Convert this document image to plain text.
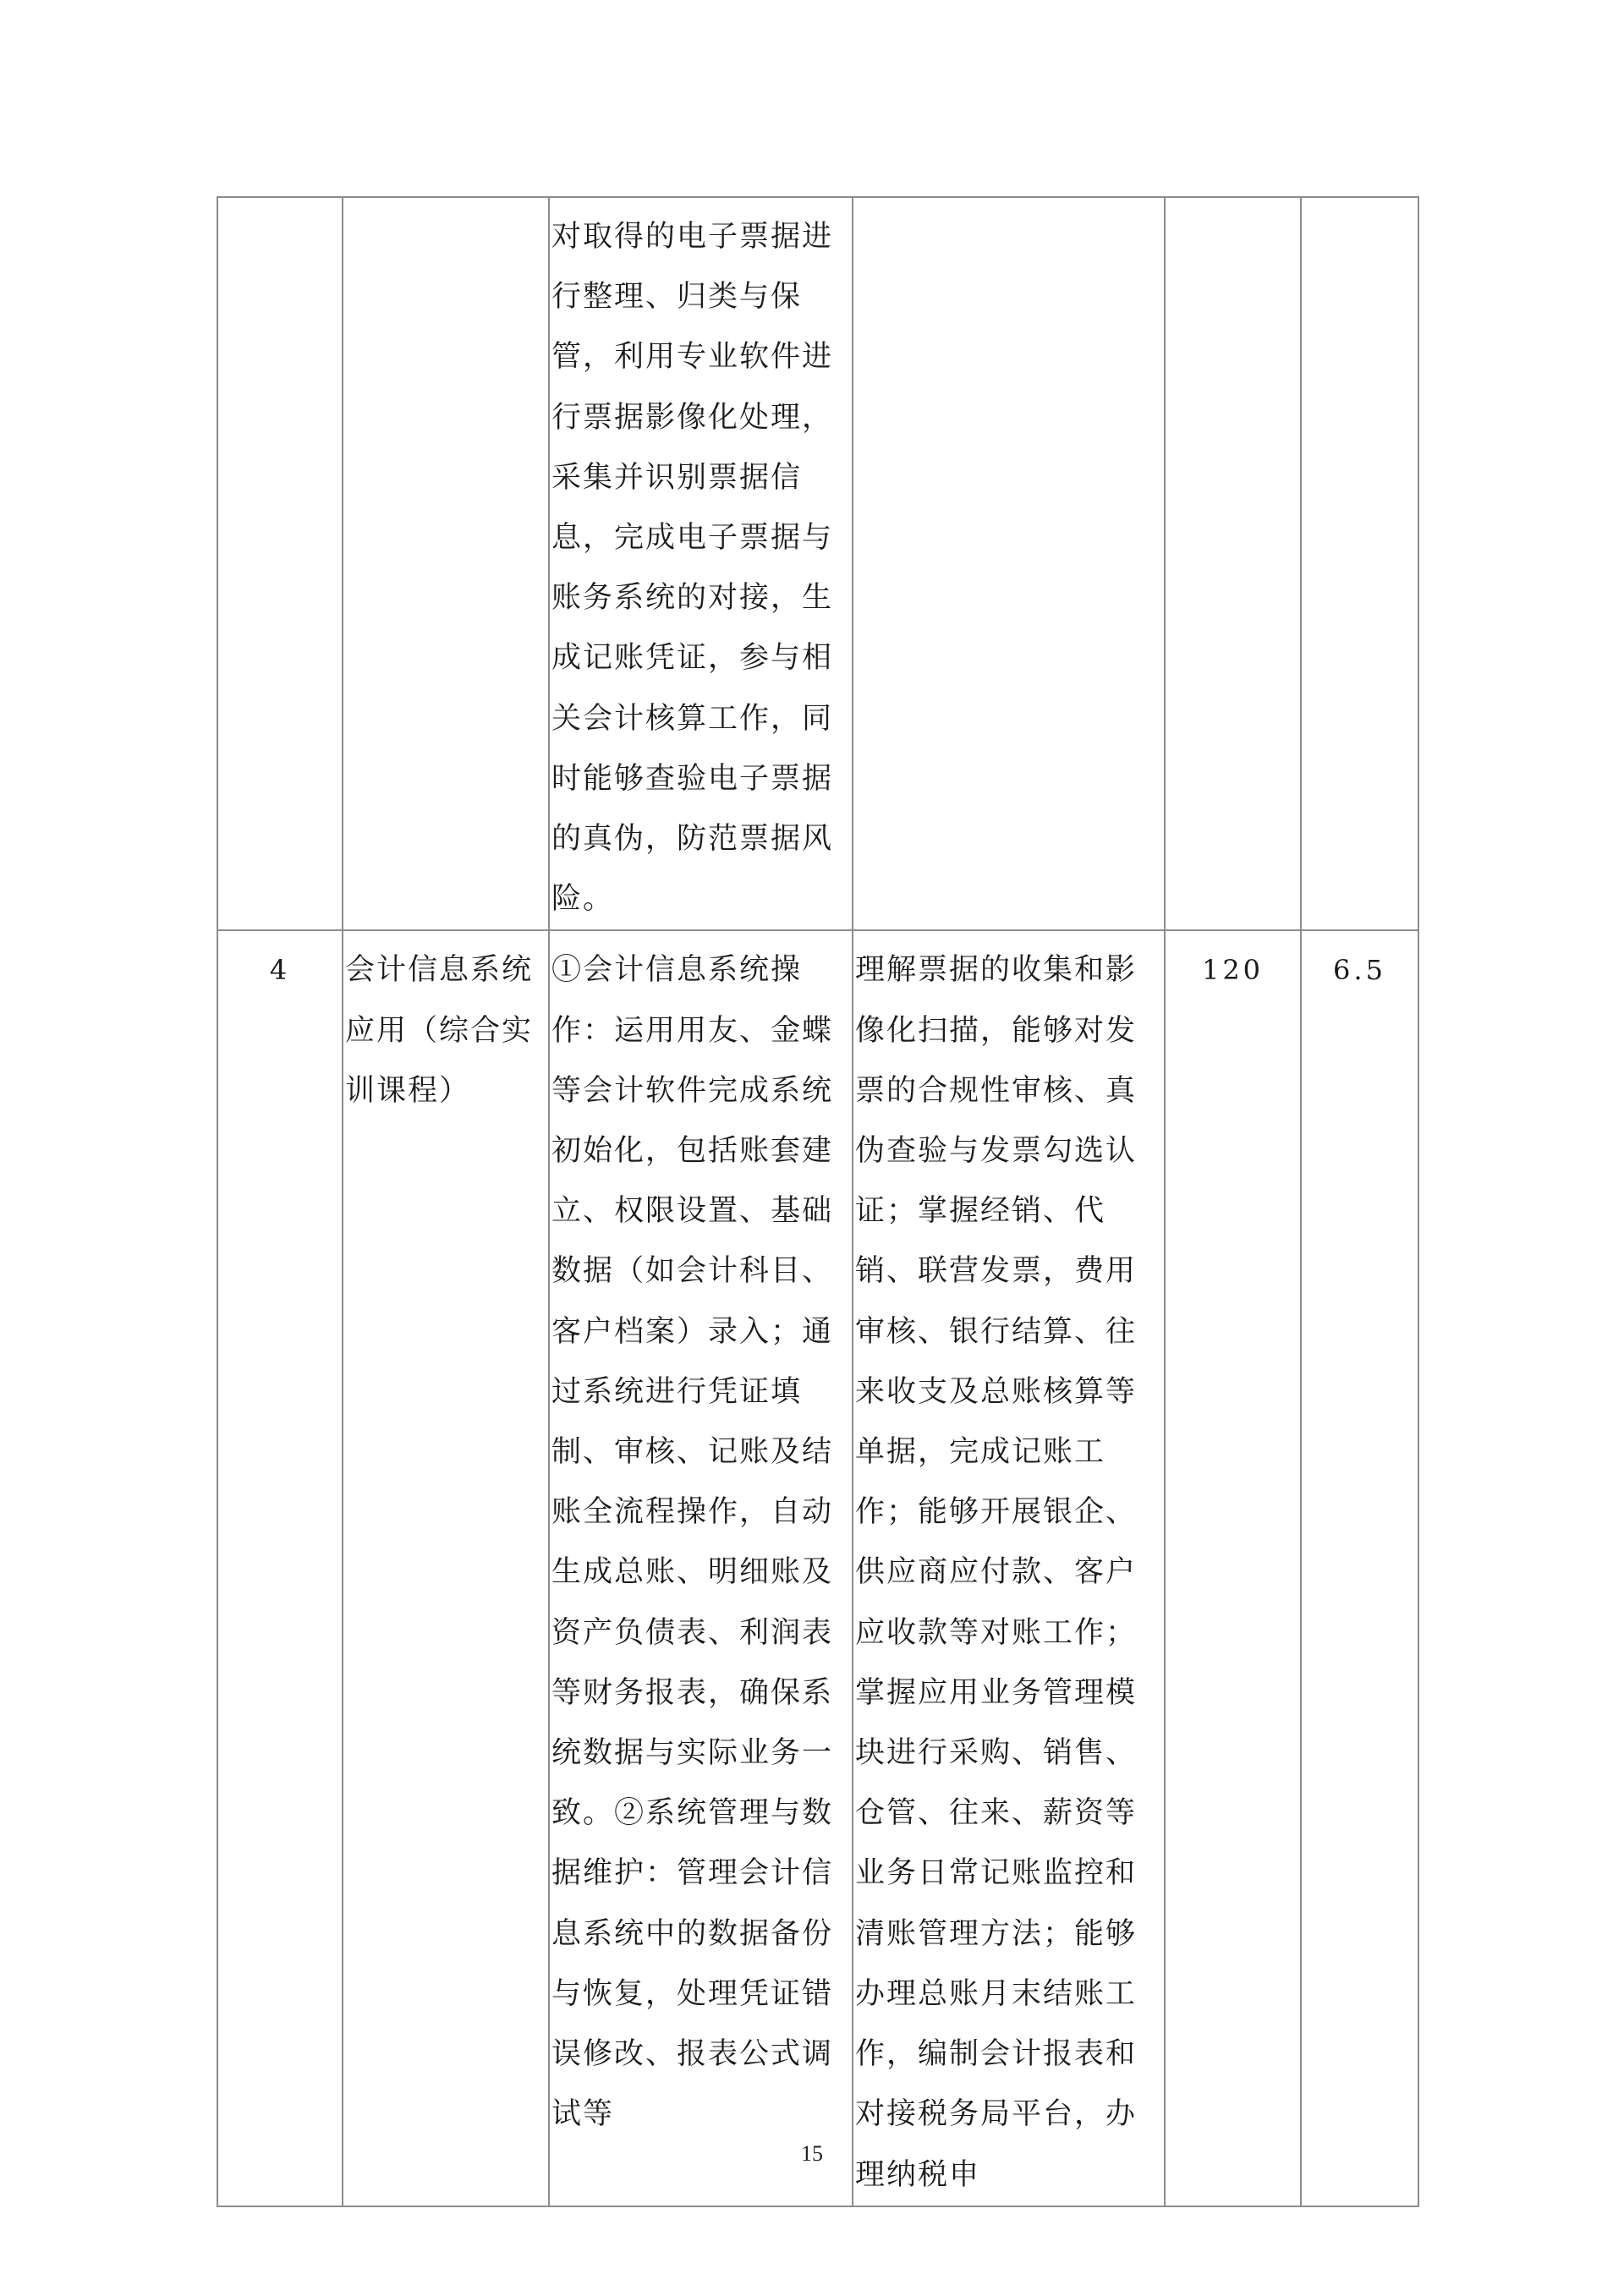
		对取得的电子票据进行整理、归类与保管，利用专业软件进行票据影像化处理，采集并识别票据信息，完成电子票据与账务系统的对接，生成记账凭证，参与相关会计核算工作，同时能够查验电子票据的真伪，防范票据风险。			

4	会计信息系统应用（综合实训课程）	①会计信息系统操作：运用用友、金蝶等会计软件完成系统初始化，包括账套建立、权限设置、基础数据（如会计科目、客户档案）录入；通过系统进行凭证填制、审核、记账及结账全流程操作，自动生成总账、明细账及资产负债表、利润表等财务报表，确保系统数据与实际业务一致。②系统管理与数据维护：管理会计信息系统中的数据备份与恢复，处理凭证错误修改、报表公式调试等	理解票据的收集和影像化扫描，能够对发票的合规性审核、真伪查验与发票勾选认证；掌握经销、代销、联营发票，费用审核、银行结算、往来收支及总账核算等单据，完成记账工作；能够开展银企、供应商应付款、客户应收款等对账工作；掌握应用业务管理模块进行采购、销售、仓管、往来、薪资等业务日常记账监控和清账管理方法；能够办理总账月末结账工作，编制会计报表和对接税务局平台，办理纳税申	120	6.5
15
